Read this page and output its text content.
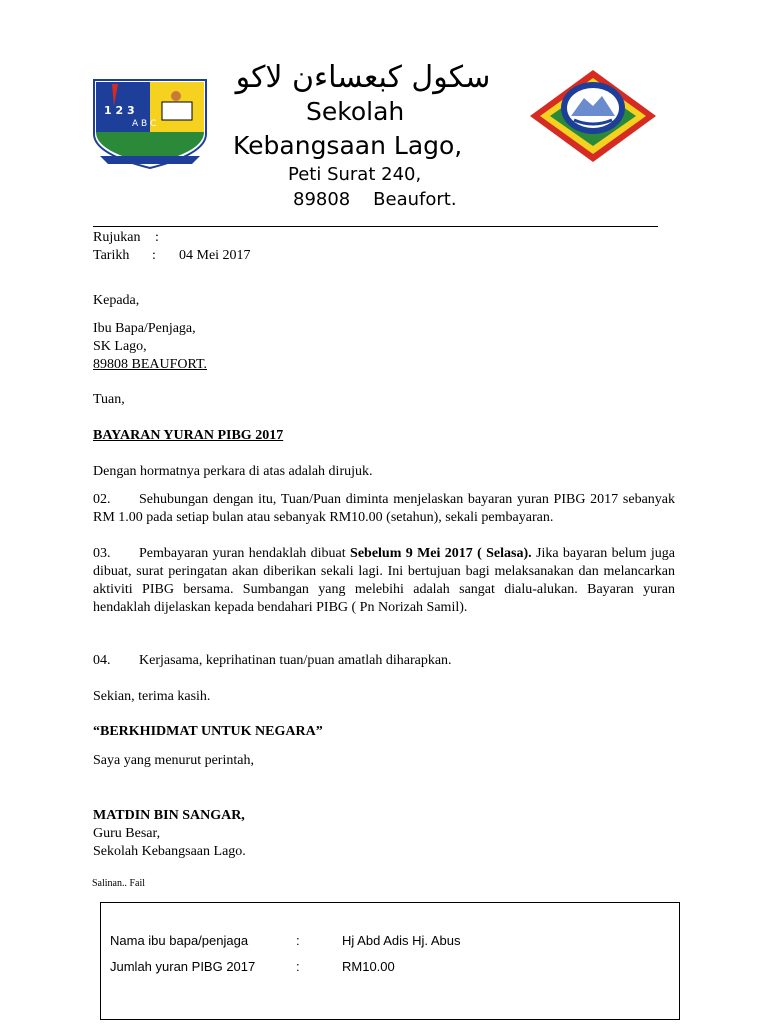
1 2 3
A B C
سكول كبعساءن لاكو
Sekolah
Kebangsaan Lago,
Peti Surat 240,
89808    Beaufort.
Rujukan :
Tarikh : 04 Mei 2017
Kepada,
Ibu Bapa/Penjaga,
SK Lago,
89808 BEAUFORT.
Tuan,
BAYARAN YURAN PIBG 2017
Dengan hormatnya perkara di atas adalah dirujuk.
02. Sehubungan dengan itu, Tuan/Puan diminta menjelaskan bayaran yuran PIBG 2017 sebanyak RM 1.00 pada setiap bulan atau sebanyak RM10.00 (setahun), sekali pembayaran.
03. Pembayaran yuran hendaklah dibuat Sebelum 9 Mei 2017 ( Selasa). Jika bayaran belum juga dibuat, surat peringatan akan diberikan sekali lagi. Ini bertujuan bagi melaksanakan dan melancarkan aktiviti PIBG bersama. Sumbangan yang melebihi adalah sangat dialu-alukan. Bayaran yuran hendaklah dijelaskan kepada bendahari PIBG ( Pn Norizah Samil).
04. Kerjasama, keprihatinan tuan/puan amatlah diharapkan.
Sekian, terima kasih.
“BERKHIDMAT UNTUK NEGARA”
Saya yang menurut perintah,
MATDIN BIN SANGAR,
Guru Besar,
Sekolah Kebangsaan Lago.
Salinan.. Fail
Nama ibu bapa/penjaga	:	Hj Abd Adis Hj. Abus
Jumlah yuran PIBG 2017	:	RM10.00
